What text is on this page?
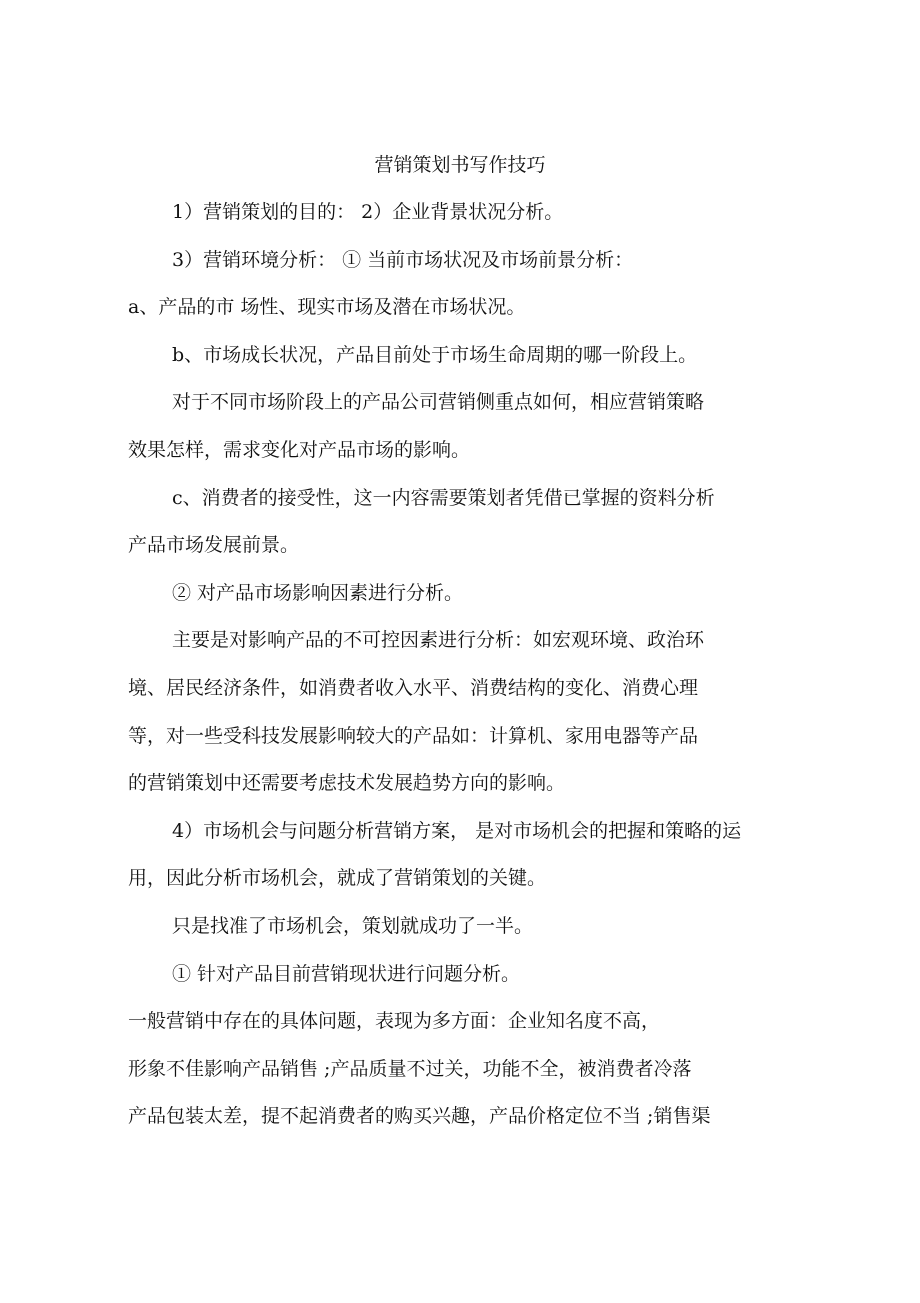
营销策划书写作技巧
1）营销策划的目的： 2）企业背景状况分析。
3）营销环境分析： ① 当前市场状况及市场前景分析：
a、产品的市 场性、现实市场及潜在市场状况。
b、市场成长状况，产品目前处于市场生命周期的哪一阶段上。
对于不同市场阶段上的产品公司营销侧重点如何，相应营销策略
效果怎样，需求变化对产品市场的影响。
c、消费者的接受性，这一内容需要策划者凭借已掌握的资料分析
产品市场发展前景。
② 对产品市场影响因素进行分析。
主要是对影响产品的不可控因素进行分析：如宏观环境、政治环
境、居民经济条件，如消费者收入水平、消费结构的变化、消费心理
等，对一些受科技发展影响较大的产品如：计算机、家用电器等产品
的营销策划中还需要考虑技术发展趋势方向的影响。
4）市场机会与问题分析营销方案， 是对市场机会的把握和策略的运
用，因此分析市场机会，就成了营销策划的关键。
只是找准了市场机会，策划就成功了一半。
① 针对产品目前营销现状进行问题分析。
一般营销中存在的具体问题，表现为多方面：企业知名度不高，
形象不佳影响产品销售 ;产品质量不过关，功能不全，被消费者冷落
产品包装太差，提不起消费者的购买兴趣，产品价格定位不当 ;销售渠
